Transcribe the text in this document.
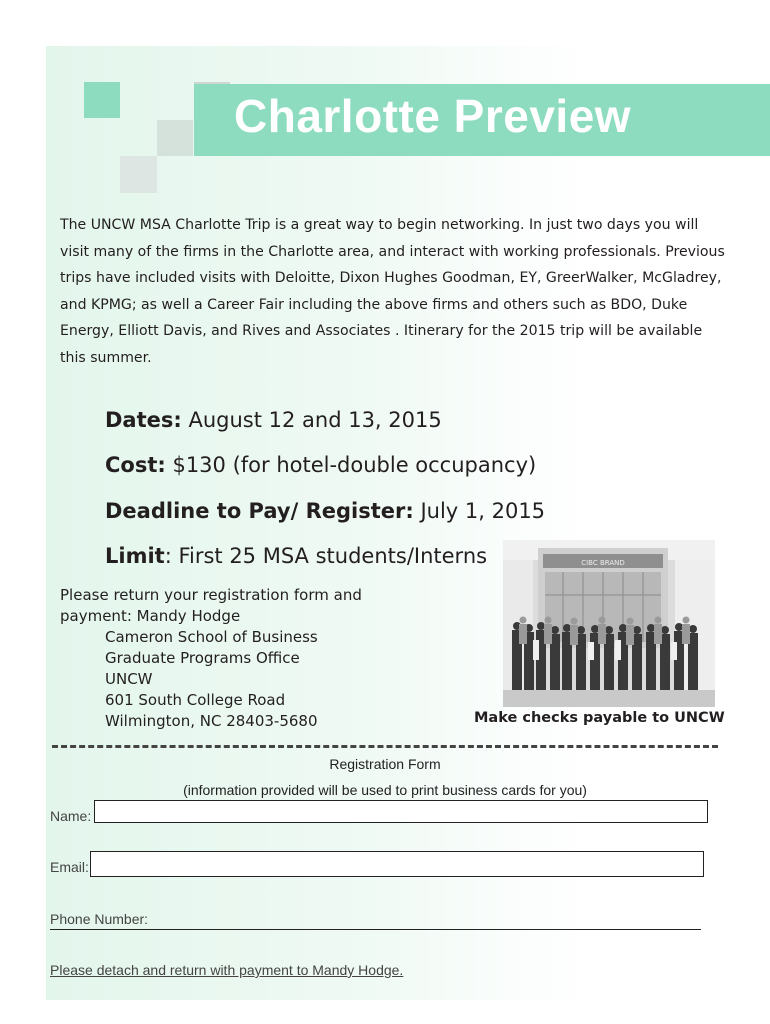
Charlotte Preview
The UNCW MSA Charlotte Trip is a great way to begin networking. In just two days you will visit many of the firms in the Charlotte area, and interact with working professionals. Previous trips have included visits with Deloitte, Dixon Hughes Goodman, EY, GreerWalker, McGladrey, and KPMG; as well a Career Fair including the above firms and others such as BDO, Duke Energy, Elliott Davis, and Rives and Associates . Itinerary for the 2015 trip will be available this summer.
Dates: August 12 and 13, 2015
Cost: $130 (for hotel-double occupancy)
Deadline to Pay/ Register: July 1, 2015
Limit: First 25 MSA students/Interns
Please return your registration form and
payment: Mandy Hodge
Cameron School of Business
Graduate Programs Office
UNCW
601 South College Road
Wilmington, NC 28403-5680
CIBC BRAND
Make checks payable to UNCW
Registration Form
(information provided will be used to print business cards for you)
Name:
Email:
Phone Number:
Please detach and return with payment to Mandy Hodge.
